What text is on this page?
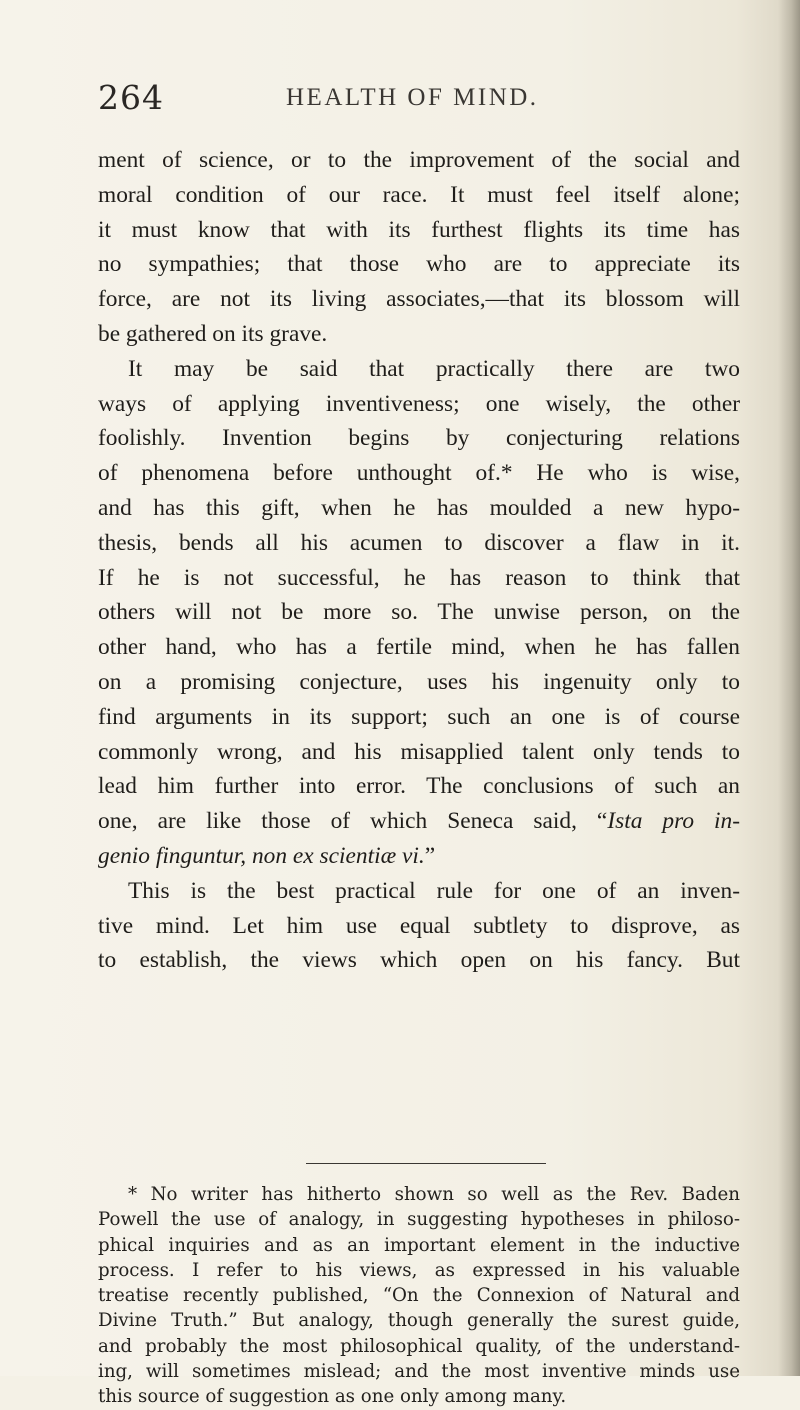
264	HEALTH OF MIND.
ment of science, or to the improvement of the social and
moral condition of our race. It must feel itself alone;
it must know that with its furthest flights its time has
no sympathies; that those who are to appreciate its
force, are not its living associates,—that its blossom will
be gathered on its grave.
It may be said that practically there are two
ways of applying inventiveness; one wisely, the other
foolishly. Invention begins by conjecturing relations
of phenomena before unthought of.* He who is wise,
and has this gift, when he has moulded a new hypo-
thesis, bends all his acumen to discover a flaw in it.
If he is not successful, he has reason to think that
others will not be more so. The unwise person, on the
other hand, who has a fertile mind, when he has fallen
on a promising conjecture, uses his ingenuity only to
find arguments in its support; such an one is of course
commonly wrong, and his misapplied talent only tends to
lead him further into error. The conclusions of such an
one, are like those of which Seneca said, “Ista pro in-
genio finguntur, non ex scientiæ vi.”
This is the best practical rule for one of an inven-
tive mind. Let him use equal subtlety to disprove, as
to establish, the views which open on his fancy. But
* No writer has hitherto shown so well as the Rev. Baden
Powell the use of analogy, in suggesting hypotheses in philoso-
phical inquiries and as an important element in the inductive
process. I refer to his views, as expressed in his valuable
treatise recently published, “On the Connexion of Natural and
Divine Truth.” But analogy, though generally the surest guide,
and probably the most philosophical quality, of the understand-
ing, will sometimes mislead; and the most inventive minds use
this source of suggestion as one only among many.
